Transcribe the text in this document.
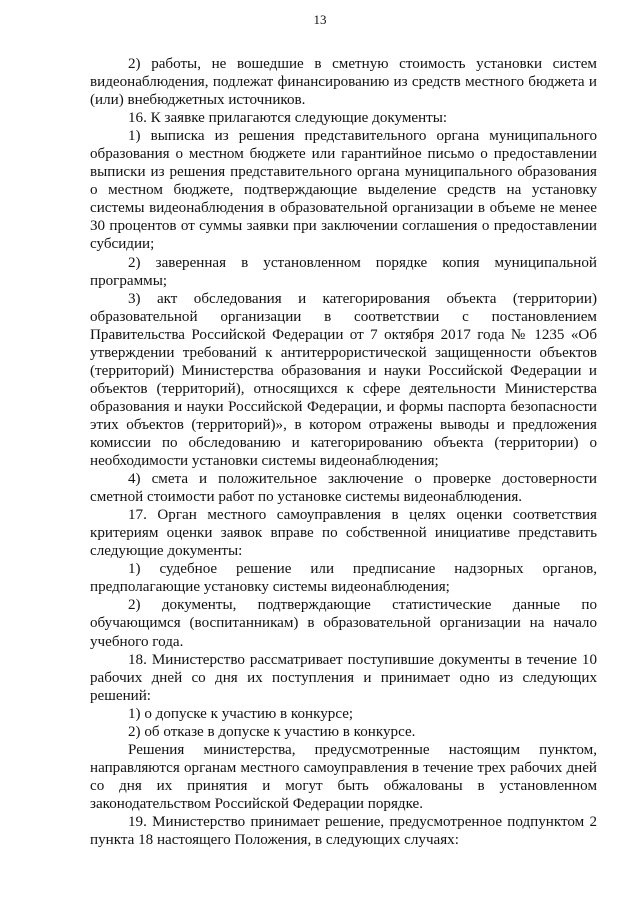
13

2) работы, не вошедшие в сметную стоимость установки систем видеонаблюдения, подлежат финансированию из средств местного бюджета и (или) внебюджетных источников.

16. К заявке прилагаются следующие документы:

1) выписка из решения представительного органа муниципального образования о местном бюджете или гарантийное письмо о предоставлении выписки из решения представительного органа муниципального образования о местном бюджете, подтверждающие выделение средств на установку системы видеонаблюдения в образовательной организации в объеме не менее 30 процентов от суммы заявки при заключении соглашения о предоставлении субсидии;

2) заверенная в установленном порядке копия муниципальной программы;

3) акт обследования и категорирования объекта (территории) образовательной организации в соответствии с постановлением Правительства Российской Федерации от 7 октября 2017 года № 1235 «Об утверждении требований к антитеррористической защищенности объектов (территорий) Министерства образования и науки Российской Федерации и объектов (территорий), относящихся к сфере деятельности Министерства образования и науки Российской Федерации, и формы паспорта безопасности этих объектов (территорий)», в котором отражены выводы и предложения комиссии по обследованию и категорированию объекта (территории) о необходимости установки системы видеонаблюдения;

4) смета и положительное заключение о проверке достоверности сметной стоимости работ по установке системы видеонаблюдения.

17. Орган местного самоуправления в целях оценки соответствия критериям оценки заявок вправе по собственной инициативе представить следующие документы:

1) судебное решение или предписание надзорных органов, предполагающие установку системы видеонаблюдения;

2) документы, подтверждающие статистические данные по обучающимся (воспитанникам) в образовательной организации на начало учебного года.

18. Министерство рассматривает поступившие документы в течение 10 рабочих дней со дня их поступления и принимает одно из следующих решений:

1) о допуске к участию в конкурсе;

2) об отказе в допуске к участию в конкурсе.

Решения министерства, предусмотренные настоящим пунктом, направляются органам местного самоуправления в течение трех рабочих дней со дня их принятия и могут быть обжалованы в установленном законодательством Российской Федерации порядке.

19. Министерство принимает решение, предусмотренное подпунктом 2 пункта 18 настоящего Положения, в следующих случаях:
